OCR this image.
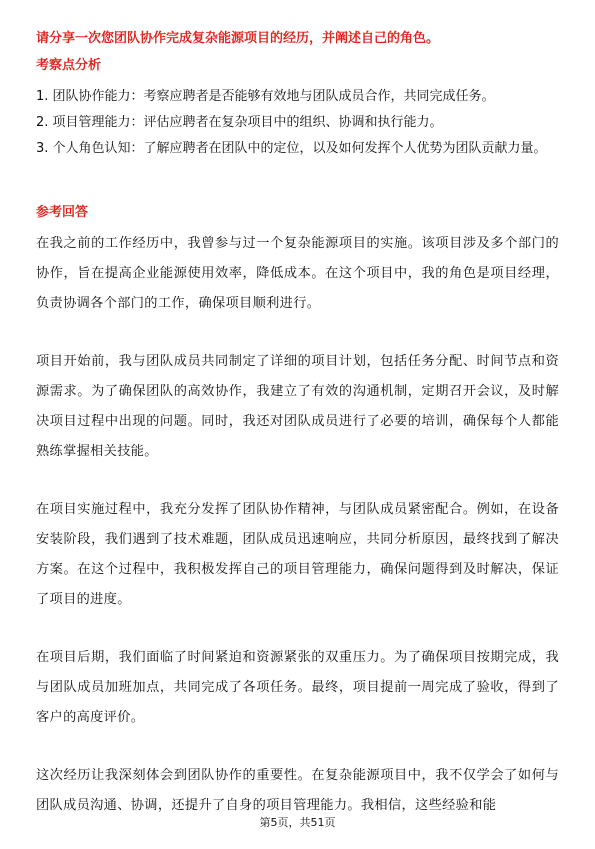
请分享一次您团队协作完成复杂能源项目的经历，并阐述自己的角色。
考察点分析
1. 团队协作能力：考察应聘者是否能够有效地与团队成员合作，共同完成任务。
2. 项目管理能力：评估应聘者在复杂项目中的组织、协调和执行能力。
3. 个人角色认知：了解应聘者在团队中的定位，以及如何发挥个人优势为团队贡献力量。
参考回答

在我之前的工作经历中，我曾参与过一个复杂能源项目的实施。该项目涉及多个部门的协作，旨在提高企业能源使用效率，降低成本。在这个项目中，我的角色是项目经理，负责协调各个部门的工作，确保项目顺利进行。

项目开始前，我与团队成员共同制定了详细的项目计划，包括任务分配、时间节点和资源需求。为了确保团队的高效协作，我建立了有效的沟通机制，定期召开会议，及时解决项目过程中出现的问题。同时，我还对团队成员进行了必要的培训，确保每个人都能熟练掌握相关技能。

在项目实施过程中，我充分发挥了团队协作精神，与团队成员紧密配合。例如，在设备安装阶段，我们遇到了技术难题，团队成员迅速响应，共同分析原因，最终找到了解决方案。在这个过程中，我积极发挥自己的项目管理能力，确保问题得到及时解决，保证了项目的进度。

在项目后期，我们面临了时间紧迫和资源紧张的双重压力。为了确保项目按期完成，我与团队成员加班加点，共同完成了各项任务。最终，项目提前一周完成了验收，得到了客户的高度评价。

这次经历让我深刻体会到团队协作的重要性。在复杂能源项目中，我不仅学会了如何与团队成员沟通、协调，还提升了自身的项目管理能力。我相信，这些经验和能

第5页，共51页
